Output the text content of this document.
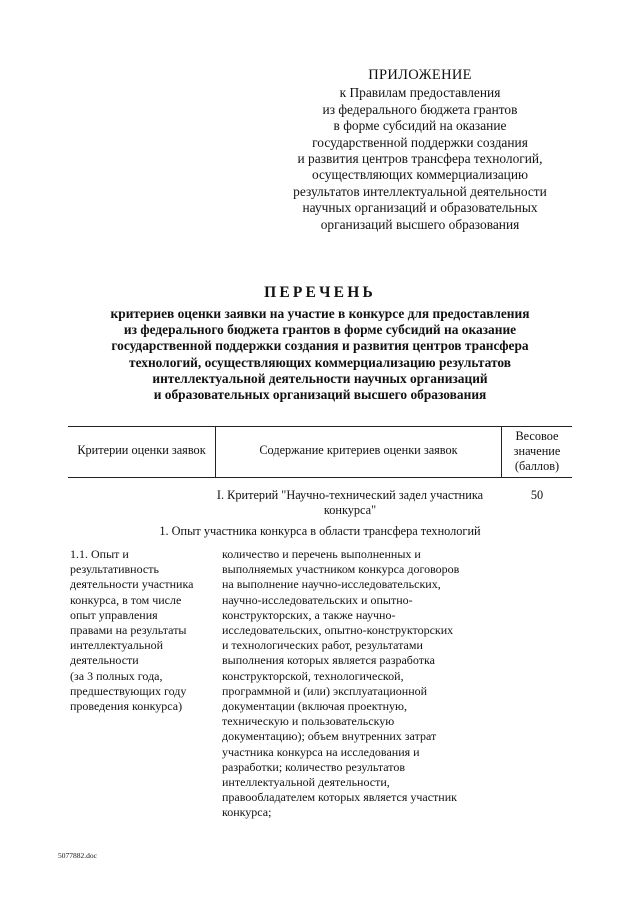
ПРИЛОЖЕНИЕ
к Правилам предоставления
из федерального бюджета грантов
в форме субсидий на оказание
государственной поддержки создания
и развития центров трансфера технологий,
осуществляющих коммерциализацию
результатов интеллектуальной деятельности
научных организаций и образовательных
организаций высшего образования
ПЕРЕЧЕНЬ
критериев оценки заявки на участие в конкурсе для предоставления
из федерального бюджета грантов в форме субсидий на оказание
государственной поддержки создания и развития центров трансфера
технологий, осуществляющих коммерциализацию результатов
интеллектуальной деятельности научных организаций
и образовательных организаций высшего образования
Критерии оценки заявок	Содержание критериев оценки заявок
Весовое
значение
(баллов)
I. Критерий "Научно-технический задел участника
конкурса"
50
1. Опыт участника конкурса в области трансфера технологий
1.1. Опыт и
результативность
деятельности участника
конкурса, в том числе
опыт управления
правами на результаты
интеллектуальной
деятельности
(за 3 полных года,
предшествующих году
проведения конкурса)
количество и перечень выполненных и
выполняемых участником конкурса договоров
на выполнение научно-исследовательских,
научно-исследовательских и опытно-
конструкторских, а также научно-
исследовательских, опытно-конструкторских
и технологических работ, результатами
выполнения которых является разработка
конструкторской, технологической,
программной и (или) эксплуатационной
документации (включая проектную,
техническую и пользовательскую
документацию); объем внутренних затрат
участника конкурса на исследования и
разработки; количество результатов
интеллектуальной деятельности,
правообладателем которых является участник
конкурса;
5077882.doc
